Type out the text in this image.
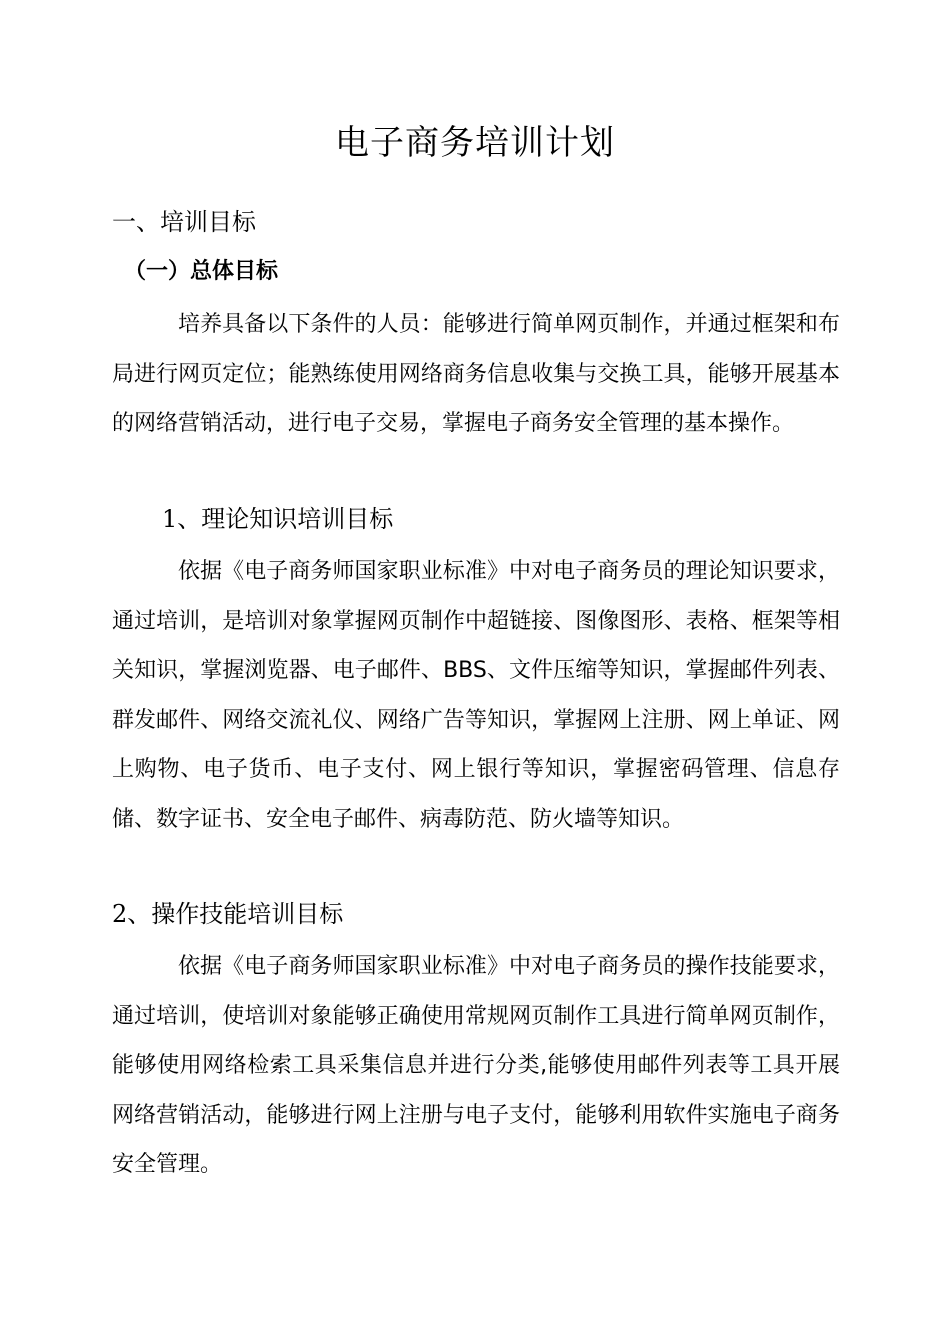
电子商务培训计划
一、培训目标
（一）总体目标
培养具备以下条件的人员：能够进行简单网页制作，并通过框架和布局进行网页定位；能熟练使用网络商务信息收集与交换工具，能够开展基本的网络营销活动，进行电子交易，掌握电子商务安全管理的基本操作。
1、理论知识培训目标
依据《电子商务师国家职业标准》中对电子商务员的理论知识要求，通过培训，是培训对象掌握网页制作中超链接、图像图形、表格、框架等相关知识，掌握浏览器、电子邮件、BBS、文件压缩等知识，掌握邮件列表、群发邮件、网络交流礼仪、网络广告等知识，掌握网上注册、网上单证、网上购物、电子货币、电子支付、网上银行等知识，掌握密码管理、信息存储、数字证书、安全电子邮件、病毒防范、防火墙等知识。
2、操作技能培训目标
依据《电子商务师国家职业标准》中对电子商务员的操作技能要求，通过培训，使培训对象能够正确使用常规网页制作工具进行简单网页制作，能够使用网络检索工具采集信息并进行分类,能够使用邮件列表等工具开展网络营销活动，能够进行网上注册与电子支付，能够利用软件实施电子商务安全管理。
